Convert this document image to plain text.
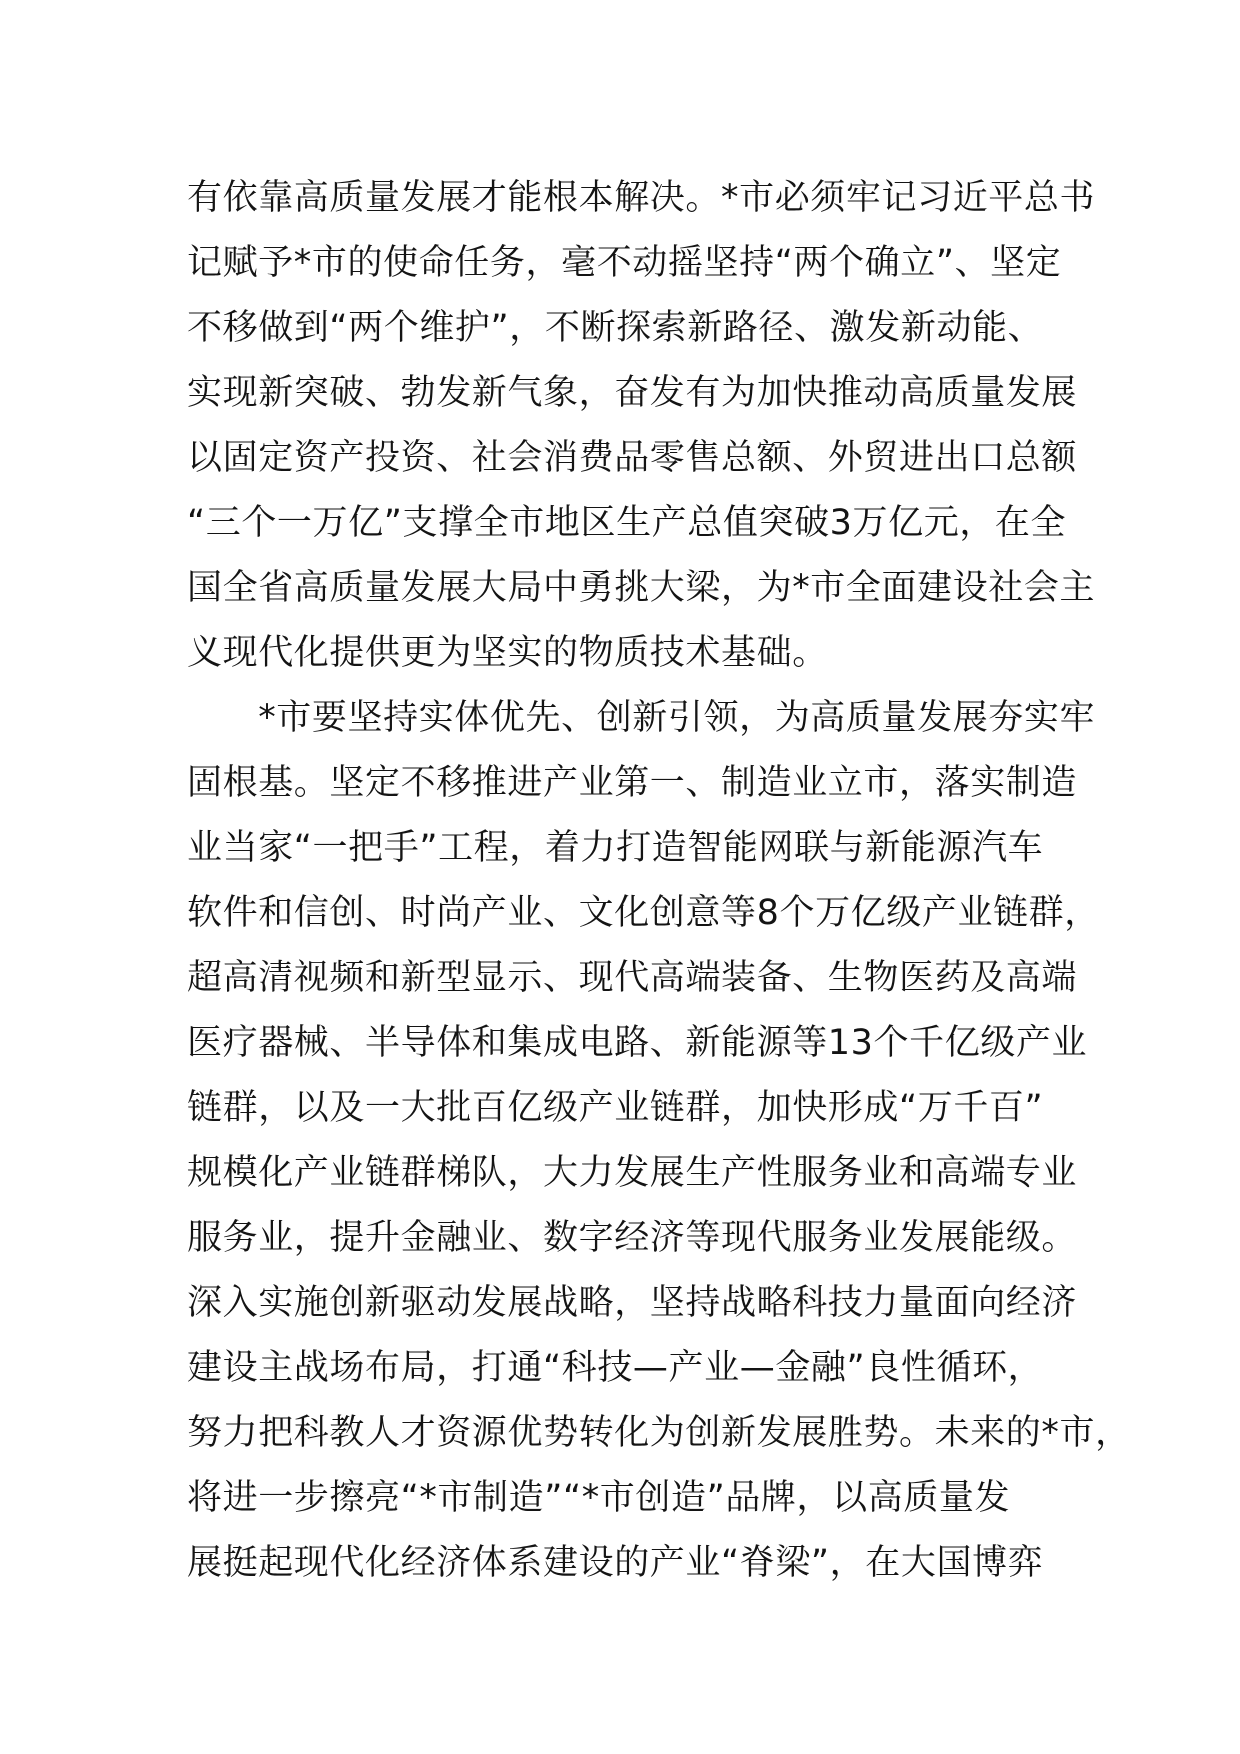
有依靠高质量发展才能根本解决。*市必须牢记习近平总书
记赋予*市的使命任务，毫不动摇坚持“两个确立”、坚定
不移做到“两个维护”，不断探索新路径、激发新动能、
实现新突破、勃发新气象，奋发有为加快推动高质量发展
以固定资产投资、社会消费品零售总额、外贸进出口总额
“三个一万亿”支撑全市地区生产总值突破3万亿元，在全
国全省高质量发展大局中勇挑大梁，为*市全面建设社会主
义现代化提供更为坚实的物质技术基础。
　　*市要坚持实体优先、创新引领，为高质量发展夯实牢
固根基。坚定不移推进产业第一、制造业立市，落实制造
业当家“一把手”工程，着力打造智能网联与新能源汽车
软件和信创、时尚产业、文化创意等8个万亿级产业链群，
超高清视频和新型显示、现代高端装备、生物医药及高端
医疗器械、半导体和集成电路、新能源等13个千亿级产业
链群，以及一大批百亿级产业链群，加快形成“万千百”
规模化产业链群梯队，大力发展生产性服务业和高端专业
服务业，提升金融业、数字经济等现代服务业发展能级。
深入实施创新驱动发展战略，坚持战略科技力量面向经济
建设主战场布局，打通“科技—产业—金融”良性循环，
努力把科教人才资源优势转化为创新发展胜势。未来的*市，
将进一步擦亮“*市制造”“*市创造”品牌，以高质量发
展挺起现代化经济体系建设的产业“脊梁”，在大国博弈
